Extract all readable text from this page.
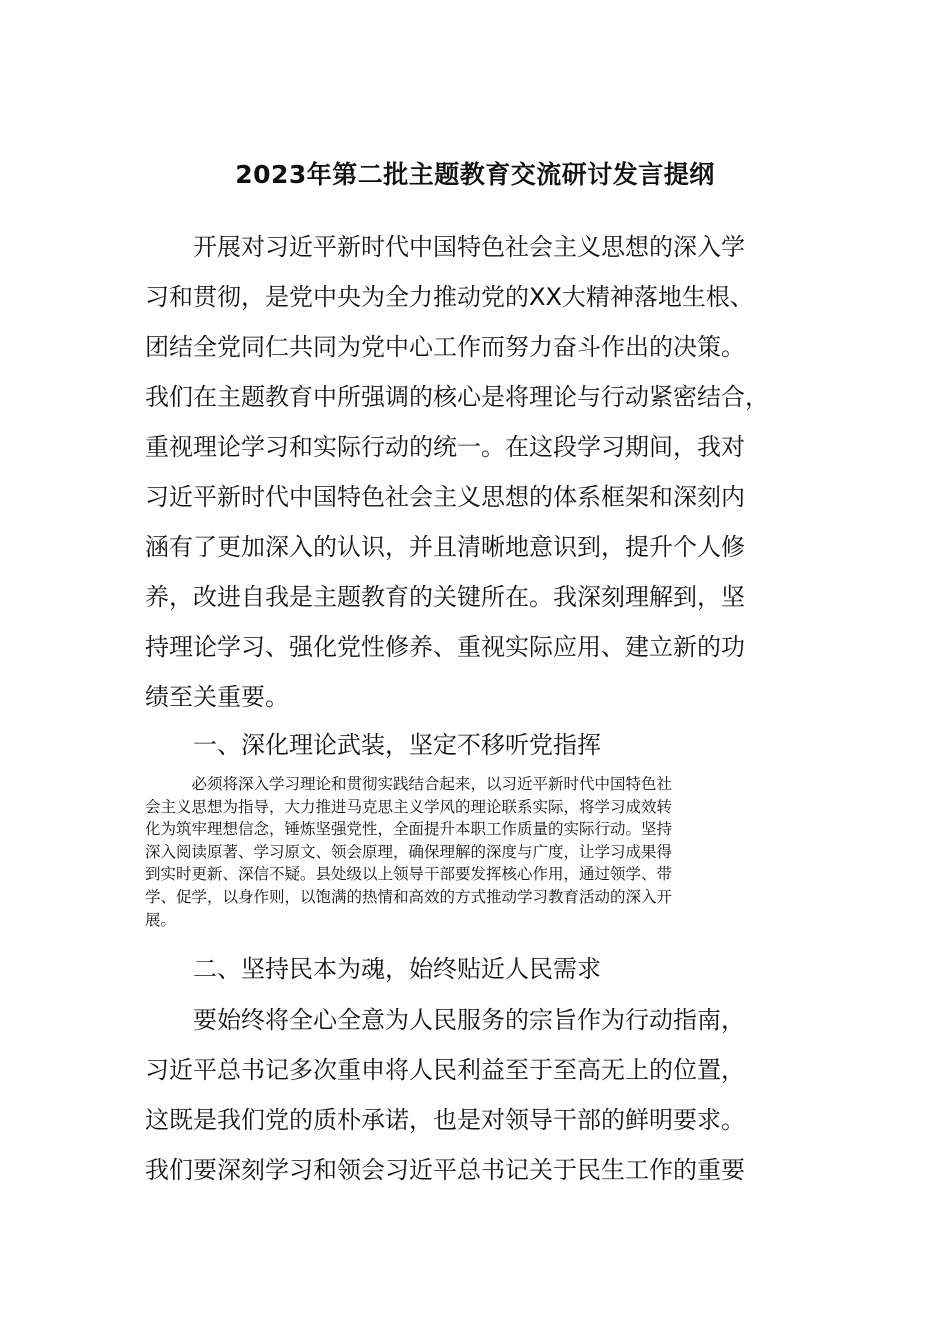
2023年第二批主题教育交流研讨发言提纲
　　开展对习近平新时代中国特色社会主义思想的深入学
习和贯彻，是党中央为全力推动党的XX大精神落地生根、
团结全党同仁共同为党中心工作而努力奋斗作出的决策。
我们在主题教育中所强调的核心是将理论与行动紧密结合，
重视理论学习和实际行动的统一。在这段学习期间，我对
习近平新时代中国特色社会主义思想的体系框架和深刻内
涵有了更加深入的认识，并且清晰地意识到，提升个人修
养，改进自我是主题教育的关键所在。我深刻理解到，坚
持理论学习、强化党性修养、重视实际应用、建立新的功
绩至关重要。
　　一、深化理论武装，坚定不移听党指挥
　　　必须将深入学习理论和贯彻实践结合起来，以习近平新时代中国特色社
会主义思想为指导，大力推进马克思主义学风的理论联系实际，将学习成效转
化为筑牢理想信念，锤炼坚强党性，全面提升本职工作质量的实际行动。坚持
深入阅读原著、学习原文、领会原理，确保理解的深度与广度，让学习成果得
到实时更新、深信不疑。县处级以上领导干部要发挥核心作用，通过领学、带
学、促学，以身作则，以饱满的热情和高效的方式推动学习教育活动的深入开
展。
　　二、坚持民本为魂，始终贴近人民需求
　　要始终将全心全意为人民服务的宗旨作为行动指南，
习近平总书记多次重申将人民利益至于至高无上的位置，
这既是我们党的质朴承诺，也是对领导干部的鲜明要求。
我们要深刻学习和领会习近平总书记关于民生工作的重要
